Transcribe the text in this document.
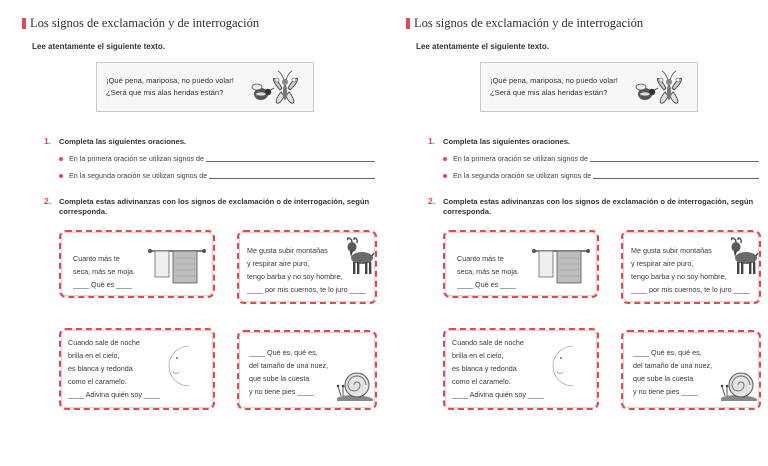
Los signos de exclamación y de interrogación
Lee atentamente el siguiente texto.
¡Qué pena, mariposa, no puedo volar!
¿Será que mis alas heridas están?
1. Completa las siguientes oraciones.
En la primera oración se utilizan signos de
En la segunda oración se utilizan signos de
2. Completa estas adivinanzas con los signos de exclamación o de interrogación, según
corresponda.
Cuanto más te
seca, más se moja.
____ Qué es ____
Me gusta subir montañas
y respirar aire puro,
tengo barba y no soy hombre,
____ por mis cuernos, te lo juro ____
Cuando sale de noche
brilla en el cielo,
es blanca y redonda
como el caramelo.
____ Adivina quién soy ____
____ Qué es, qué es,
del tamaño de una nuez,
que sube la cuesta
y no tiene pies ____
Los signos de exclamación y de interrogación
Lee atentamente el siguiente texto.
¡Qué pena, mariposa, no puedo volar!
¿Será que mis alas heridas están?
1. Completa las siguientes oraciones.
En la primera oración se utilizan signos de
En la segunda oración se utilizan signos de
2. Completa estas adivinanzas con los signos de exclamación o de interrogación, según
corresponda.
Cuanto más te
seca, más se moja.
____ Qué es ____
Me gusta subir montañas
y respirar aire puro,
tengo barba y no soy hombre,
____ por mis cuernos, te lo juro ____
Cuando sale de noche
brilla en el cielo,
es blanca y redonda
como el caramelo.
____ Adivina quién soy ____
____ Qué es, qué es,
del tamaño de una nuez,
que sube la cuesta
y no tiene pies ____
